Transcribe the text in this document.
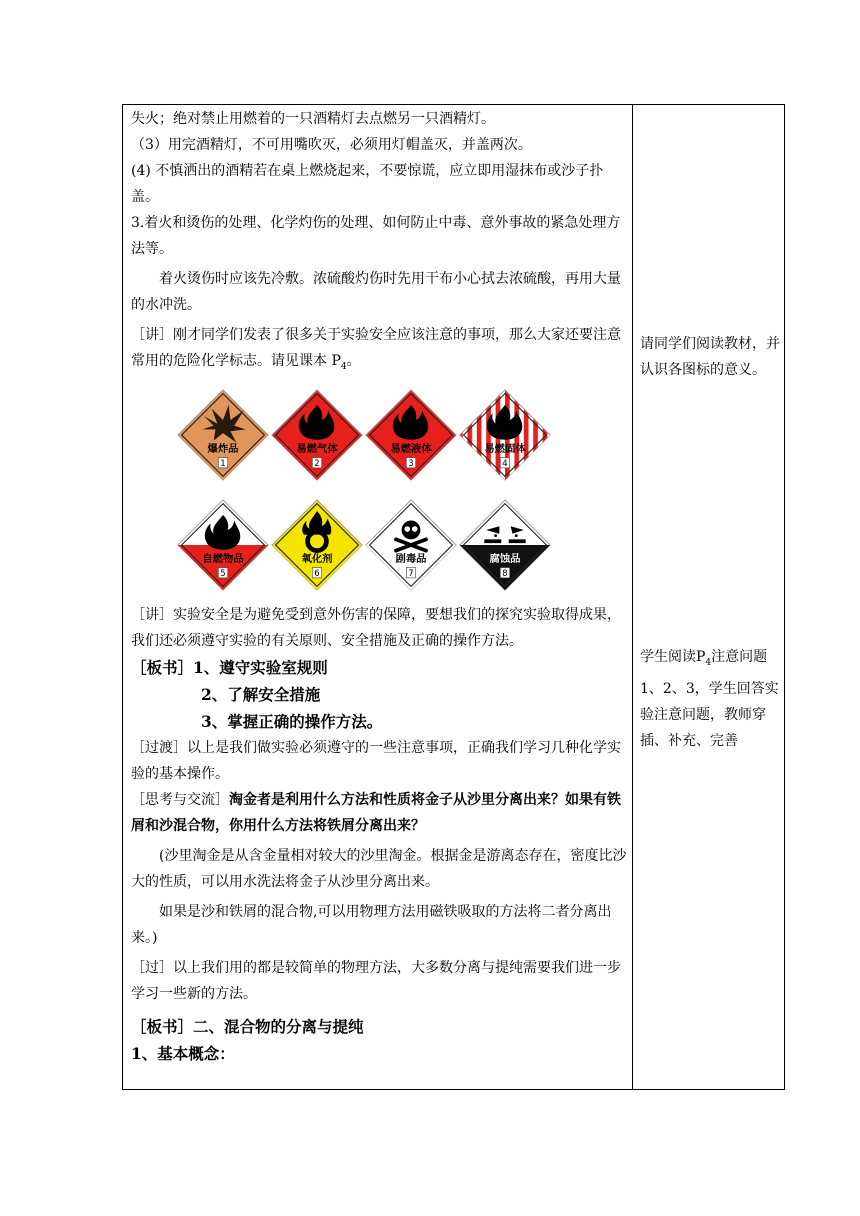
失火；绝对禁止用燃着的一只酒精灯去点燃另一只酒精灯。

（3）用完酒精灯，不可用嘴吹灭，必须用灯帽盖灭，并盖两次。

(4) 不慎洒出的酒精若在桌上燃烧起来，不要惊谎，应立即用湿抹布或沙子扑盖。

3.着火和烫伤的处理、化学灼伤的处理、如何防止中毒、意外事故的紧急处理方法等。

着火烫伤时应该先冷敷。浓硫酸灼伤时先用干布小心拭去浓硫酸，再用大量的水冲洗。

［讲］刚才同学们发表了很多关于实验安全应该注意的事项，那么大家还要注意常用的危险化学标志。请见课本 $P_4$。

爆炸品
1
易燃气体
2
易燃液体
3
易燃固体
4
自燃物品
5
氧化剂
6
剧毒品
7
腐蚀品
8

［讲］实验安全是为避免受到意外伤害的保障，要想我们的探究实验取得成果，我们还必须遵守实验的有关原则、安全措施及正确的操作方法。

［板书］1、遵守实验室规则

2、了解安全措施

3、掌握正确的操作方法。

［过渡］以上是我们做实验必须遵守的一些注意事项，正确我们学习几种化学实验的基本操作。

［思考与交流］淘金者是利用什么方法和性质将金子从沙里分离出来？如果有铁屑和沙混合物，你用什么方法将铁屑分离出来？

(沙里淘金是从含金量相对较大的沙里淘金。根据金是游离态存在，密度比沙大的性质，可以用水洗法将金子从沙里分离出来。

如果是沙和铁屑的混合物,可以用物理方法用磁铁吸取的方法将二者分离出来。)

［过］以上我们用的都是较简单的物理方法，大多数分离与提纯需要我们进一步学习一些新的方法。

［板书］二、混合物的分离与提纯

1、基本概念：

请同学们阅读教材，并认识各图标的意义。
学生阅读$P_4$注意问题1、2、3，学生回答实验注意问题，教师穿插、补充、完善
